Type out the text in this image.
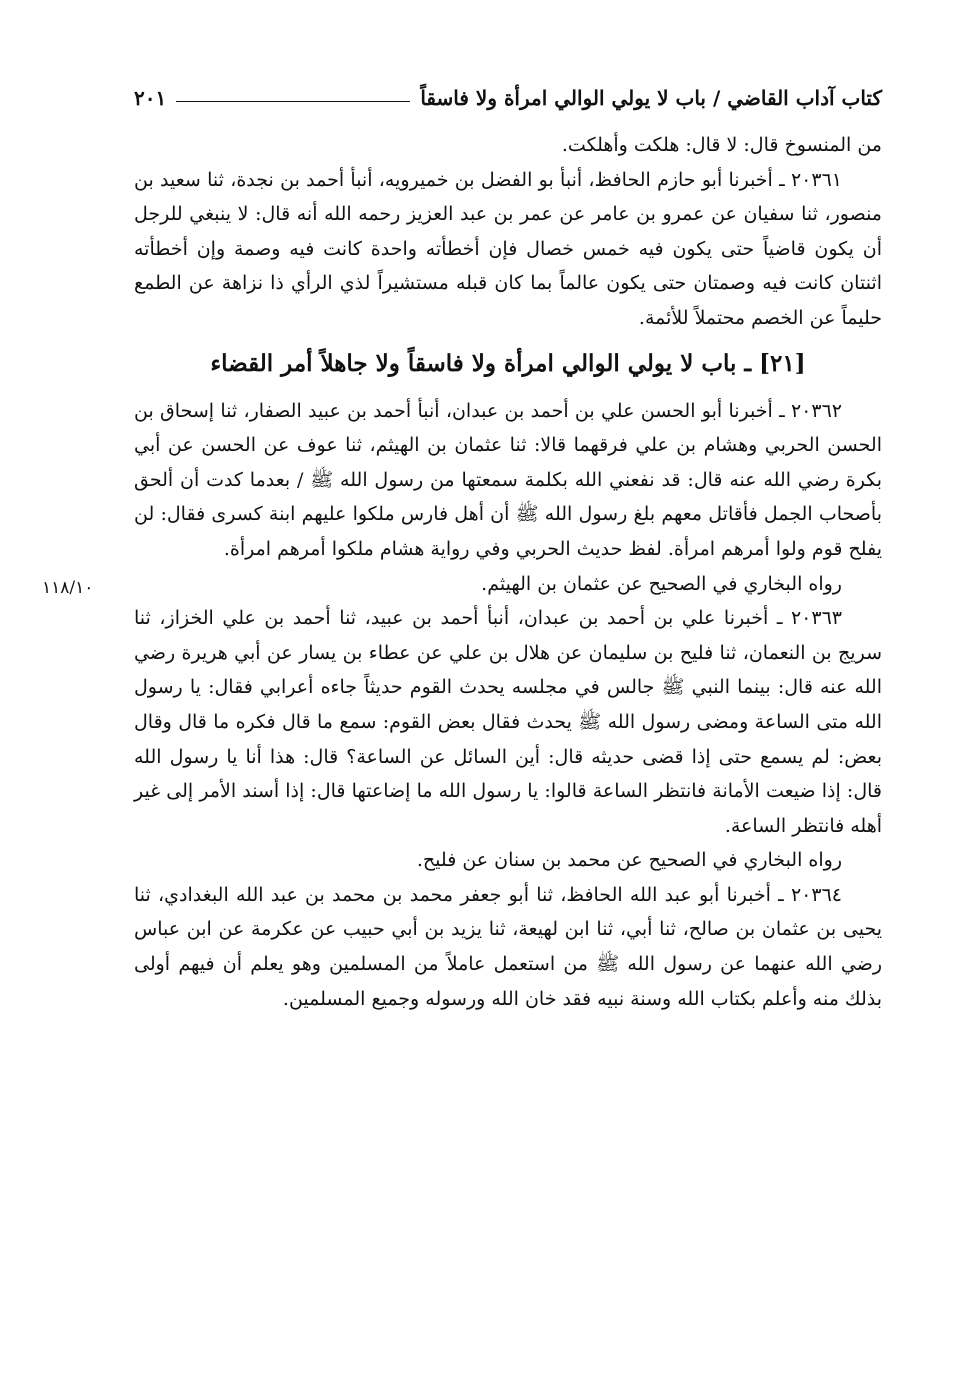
كتاب آداب القاضي / باب لا يولي الوالي امرأة ولا فاسقاً
٢٠١

من المنسوخ قال: لا قال: هلكت وأهلكت.

٢٠٣٦١ ـ أخبرنا أبو حازم الحافظ، أنبأ بو الفضل بن خميرويه، أنبأ أحمد بن نجدة، ثنا سعيد بن منصور، ثنا سفيان عن عمرو بن عامر عن عمر بن عبد العزيز رحمه الله أنه قال: لا ينبغي للرجل أن يكون قاضياً حتى يكون فيه خمس خصال فإن أخطأته واحدة كانت فيه وصمة وإن أخطأته اثنتان كانت فيه وصمتان حتى يكون عالماً بما كان قبله مستشيراً لذي الرأي ذا نزاهة عن الطمع حليماً عن الخصم محتملاً للأئمة.

[٢١] ـ باب لا يولي الوالي امرأة ولا فاسقاً ولا جاهلاً أمر القضاء

٢٠٣٦٢ ـ أخبرنا أبو الحسن علي بن أحمد بن عبدان، أنبأ أحمد بن عبيد الصفار، ثنا إسحاق بن الحسن الحربي وهشام بن علي فرقهما قالا: ثنا عثمان بن الهيثم، ثنا عوف عن الحسن عن أبي بكرة رضي الله عنه قال: قد نفعني الله بكلمة سمعتها من رسول الله ﷺ / بعدما كدت أن ألحق بأصحاب الجمل فأقاتل معهم بلغ رسول الله ﷺ أن أهل فارس ملكوا عليهم ابنة كسرى فقال: لن يفلح قوم ولوا أمرهم امرأة. لفظ حديث الحربي وفي رواية هشام ملكوا أمرهم امرأة.

رواه البخاري في الصحيح عن عثمان بن الهيثم.

٢٠٣٦٣ ـ أخبرنا علي بن أحمد بن عبدان، أنبأ أحمد بن عبيد، ثنا أحمد بن علي الخزاز، ثنا سريج بن النعمان، ثنا فليح بن سليمان عن هلال بن علي عن عطاء بن يسار عن أبي هريرة رضي الله عنه قال: بينما النبي ﷺ جالس في مجلسه يحدث القوم حديثاً جاءه أعرابي فقال: يا رسول الله متى الساعة ومضى رسول الله ﷺ يحدث فقال بعض القوم: سمع ما قال فكره ما قال وقال بعض: لم يسمع حتى إذا قضى حديثه قال: أين السائل عن الساعة؟ قال: هذا أنا يا رسول الله قال: إذا ضيعت الأمانة فانتظر الساعة قالوا: يا رسول الله ما إضاعتها قال: إذا أسند الأمر إلى غير أهله فانتظر الساعة.

رواه البخاري في الصحيح عن محمد بن سنان عن فليح.

٢٠٣٦٤ ـ أخبرنا أبو عبد الله الحافظ، ثنا أبو جعفر محمد بن محمد بن عبد الله البغدادي، ثنا يحيى بن عثمان بن صالح، ثنا أبي، ثنا ابن لهيعة، ثنا يزيد بن أبي حبيب عن عكرمة عن ابن عباس رضي الله عنهما عن رسول الله ﷺ من استعمل عاملاً من المسلمين وهو يعلم أن فيهم أولى بذلك منه وأعلم بكتاب الله وسنة نبيه فقد خان الله ورسوله وجميع المسلمين.

١١٨/١٠
